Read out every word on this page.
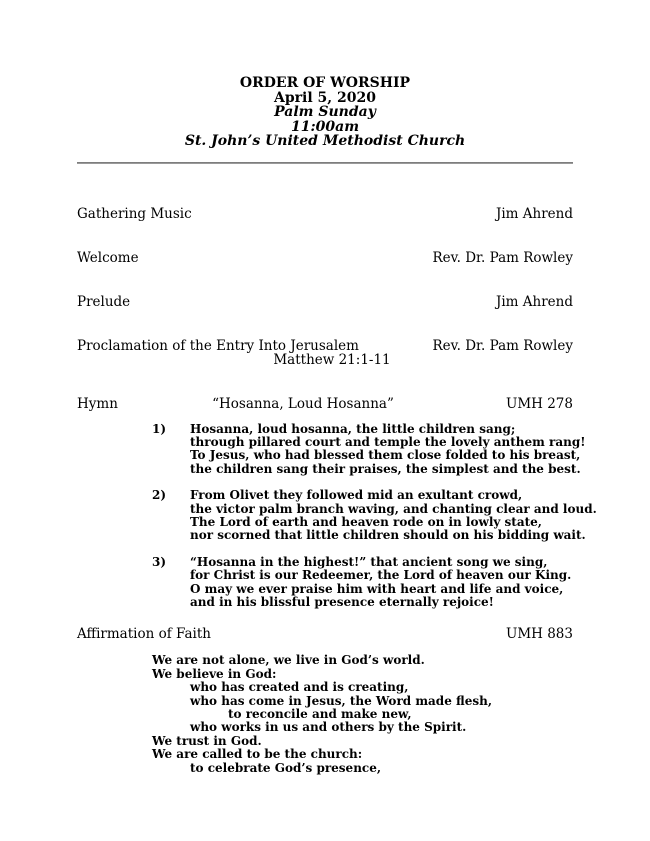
ORDER OF WORSHIP
April 5, 2020
Palm Sunday
11:00am
St. John’s United Methodist Church
Gathering Music	Jim Ahrend
Welcome	Rev. Dr. Pam Rowley
Prelude	Jim Ahrend
Proclamation of the Entry Into Jerusalem	Rev. Dr. Pam Rowley
Matthew 21:1-11
Hymn	“Hosanna, Loud Hosanna”	UMH 278
1)	Hosanna, loud hosanna, the little children sang;
through pillared court and temple the lovely anthem rang!
To Jesus, who had blessed them close folded to his breast,
the children sang their praises, the simplest and the best.
2)	From Olivet they followed mid an exultant crowd,
the victor palm branch waving, and chanting clear and loud.
The Lord of earth and heaven rode on in lowly state,
nor scorned that little children should on his bidding wait.
3)	“Hosanna in the highest!” that ancient song we sing,
for Christ is our Redeemer, the Lord of heaven our King.
O may we ever praise him with heart and life and voice,
and in his blissful presence eternally rejoice!
Affirmation of Faith	UMH 883
We are not alone, we live in God’s world.
We believe in God:
who has created and is creating,
who has come in Jesus, the Word made flesh,
to reconcile and make new,
who works in us and others by the Spirit.
We trust in God.
We are called to be the church:
to celebrate God’s presence,
